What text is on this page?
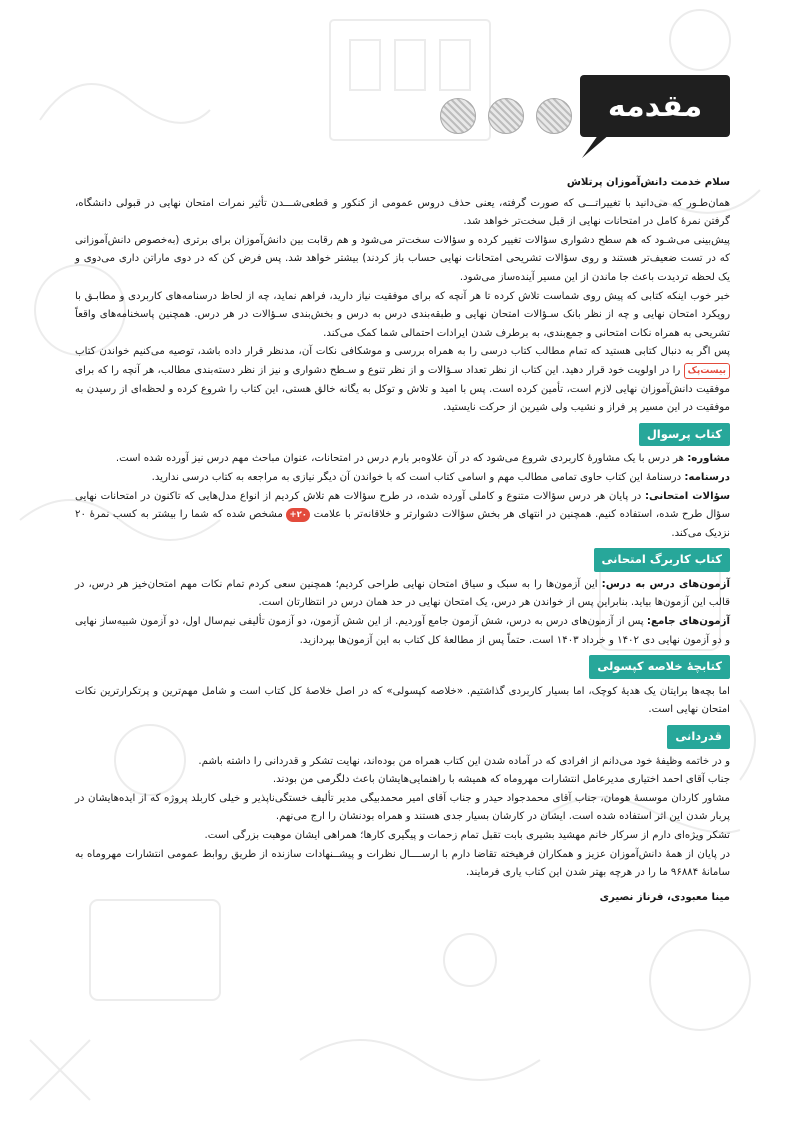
مقدمه

سلام خدمت دانش‌آموزان پرتلاش

همان‌طـور که می‌دانید با تغییراتـــی که صورت گرفته، یعنی حذف دروس عمومی از کنکور و قطعی‌شـــدن تأثیر نمرات امتحان نهایی در قبولی دانشگاه، گرفتن نمرهٔ کامل در امتحانات نهایی از قبل سخت‌تر خواهد شد.

پیش‌بینی می‌شـود که هم سطح دشواری سؤالات تغییر کرده و سؤالات سخت‌تر می‌شود و هم رقابت بین دانش‌آموزان برای برتری (به‌خصوص دانش‌آموزانی که در تست ضعیف‌تر هستند و روی سؤالات تشریحی امتحانات نهایی حساب باز کردند) بیشتر خواهد شد. پس فرض کن که در دوی ماراتن داری می‌دوی و یک لحظه تردیدت باعث جا ماندن از این مسیر آینده‌ساز می‌شود.

خبر خوب اینکه کتابی که پیش روی شماست تلاش کرده تا هر آنچه که برای موفقیت نیاز دارید، فراهم نماید، چه از لحاظ درسنامه‌های کاربردی و مطابـق با رویکرد امتحان نهایی و چه از نظر بانک سـؤالات امتحان نهایی و طبقه‌بندی درس به درس و بخش‌بندی سـؤالات در هر درس. همچنین پاسخنامه‌های واقعاً تشریحی به همراه نکات امتحانی و جمع‌بندی، به برطرف شدن ایرادات احتمالی شما کمک می‌کند.

پس اگر به دنبال کتابی هستید که تمام مطالب کتاب درسی را به همراه بررسی و موشکافی نکات آن، مدنظر قرار داده باشد، توصیه می‌کنیم خواندن کتاب بیست‌پک را در اولویت خود قرار دهید. این کتاب از نظر تعداد سـؤالات و از نظر تنوع و سـطح دشواری و نیز از نظر دسته‌بندی مطالب، هر آنچه را که برای موفقیت دانش‌آموزان نهایی لازم است، تأمین کرده است. پس با امید و تلاش و توکل به یگانه خالق هستی، این کتاب را شروع کرده و لحظه‌ای از رسیدن به موفقیت در این مسیر پر فراز و نشیب ولی شیرین از حرکت نایستید.

کتاب پرسوال

مشاوره: هر درس با یک مشاورهٔ کاربردی شروع می‌شود که در آن علاوه‌بر بارم درس در امتحانات، عنوان مباحث مهم درس نیز آورده شده است.

درسنامه: درسنامهٔ این کتاب حاوی تمامی مطالب مهم و اسامی کتاب است که با خواندن آن دیگر نیازی به مراجعه به کتاب درسی ندارید.

سؤالات امتحانی: در پایان هر درس سؤالات متنوع و کاملی آورده شده، در طرح سؤالات هم تلاش کردیم از انواع مدل‌هایی که تاکنون در امتحانات نهایی سؤال طرح شده، استفاده کنیم. همچنین در انتهای هر بخش سؤالات دشوارتر و خلاقانه‌تر با علامت ۲۰+ مشخص شده که شما را بیشتر به کسب نمرهٔ ۲۰ نزدیک می‌کند.

کتاب کاربرگ امتحانی

آزمون‌های درس به درس: این آزمون‌ها را به سبک و سیاق امتحان نهایی طراحی کردیم؛ همچنین سعی کردم تمام نکات مهم امتحان‌خیز هر درس، در قالب این آزمون‌ها بیاید. بنابراین پس از خواندن هر درس، یک امتحان نهایی در حد همان درس در انتظارتان است.

آزمون‌های جامع: پس از آزمون‌های درس به درس، شش آزمون جامع آوردیم. از این شش آزمون، دو آزمون تألیفی نیم‌سال اول، دو آزمون شبیه‌ساز نهایی و دو آزمون نهایی دی ۱۴۰۲ و خرداد ۱۴۰۳ است. حتماً پس از مطالعهٔ کل کتاب به این آزمون‌ها بپردازید.

کتابچهٔ خلاصه کپسولی

اما بچه‌ها برایتان یک هدیهٔ کوچک، اما بسیار کاربردی گذاشتیم. «خلاصه کپسولی» که در اصل خلاصهٔ کل کتاب است و شامل مهم‌ترین و پرتکرارترین نکات امتحان نهایی است.

قدردانی

و در خاتمه وظیفهٔ خود می‌دانم از افرادی که در آماده شدن این کتاب همراه من بوده‌اند، نهایت تشکر و قدردانی را داشته باشم.

جناب آقای احمد اختیاری مدیرعامل انتشارات مهروماه که همیشه با راهنمایی‌هایشان باعث دلگرمی من بودند.

مشاور کاردان موسسهٔ هومان، جناب آقای محمدجواد حیدر و جناب آقای امیر محمدبیگی مدیر تألیف خستگی‌ناپذیر و خیلی کاربلد پروژه که از ایده‌هایشان در پربار شدن این اثر استفاده شده است. ایشان در کارشان بسیار جدی هستند و همراه بودنشان را ارج می‌نهم.

تشکر ویژه‌ای دارم از سرکار خانم مهشید بشیری بابت تقبل تمام زحمات و پیگیری کارها؛ همراهی ایشان موهبت بزرگی است.

در پایان از همهٔ دانش‌آموزان عزیز و همکاران فرهیخته تقاضا دارم با ارســــال نظرات و پیشــنهادات سازنده از طریق روابط عمومی انتشارات مهروماه به سامانهٔ ۹۶۸۸۴ ما را در هرچه بهتر شدن این کتاب یاری فرمایند.

مینا معبودی، فرناز نصیری
